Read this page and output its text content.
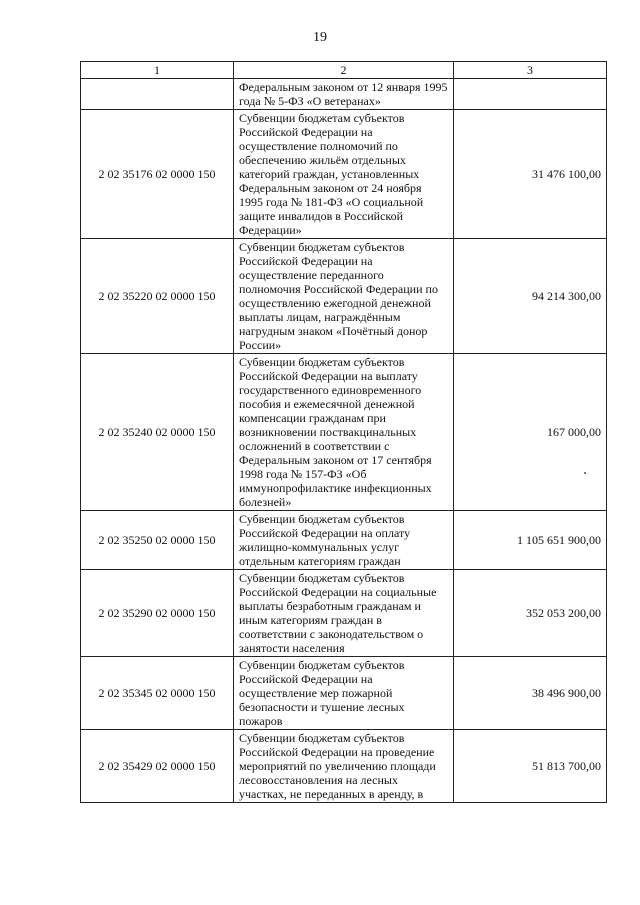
19
1	2	3
	Федеральным законом от 12 января 1995 года № 5-ФЗ «О ветеранах»	
2 02 35176 02 0000 150	Субвенции бюджетам субъектов Российской Федерации на осуществление полномочий по обеспечению жильём отдельных категорий граждан, установленных Федеральным законом от 24 ноября 1995 года № 181-ФЗ «О социальной защите инвалидов в Российской Федерации»	31 476 100,00
2 02 35220 02 0000 150	Субвенции бюджетам субъектов Российской Федерации на осуществление переданного полномочия Российской Федерации по осуществлению ежегодной денежной выплаты лицам, награждённым нагрудным знаком «Почётный донор России»	94 214 300,00
2 02 35240 02 0000 150	Субвенции бюджетам субъектов Российской Федерации на выплату государственного единовременного пособия и ежемесячной денежной компенсации гражданам при возникновении поствакцинальных осложнений в соответствии с Федеральным законом от 17 сентября 1998 года № 157-ФЗ «Об иммунопрофилактике инфекционных болезней»	167 000,00
2 02 35250 02 0000 150	Субвенции бюджетам субъектов Российской Федерации на оплату жилищно-коммунальных услуг отдельным категориям граждан	1 105 651 900,00
2 02 35290 02 0000 150	Субвенции бюджетам субъектов Российской Федерации на социальные выплаты безработным гражданам и иным категориям граждан в соответствии с законодательством о занятости населения	352 053 200,00
2 02 35345 02 0000 150	Субвенции бюджетам субъектов Российской Федерации на осуществление мер пожарной безопасности и тушение лесных пожаров	38 496 900,00
2 02 35429 02 0000 150	Субвенции бюджетам субъектов Российской Федерации на проведение мероприятий по увеличению площади лесовосстановления на лесных участках, не переданных в аренду, в	51 813 700,00
